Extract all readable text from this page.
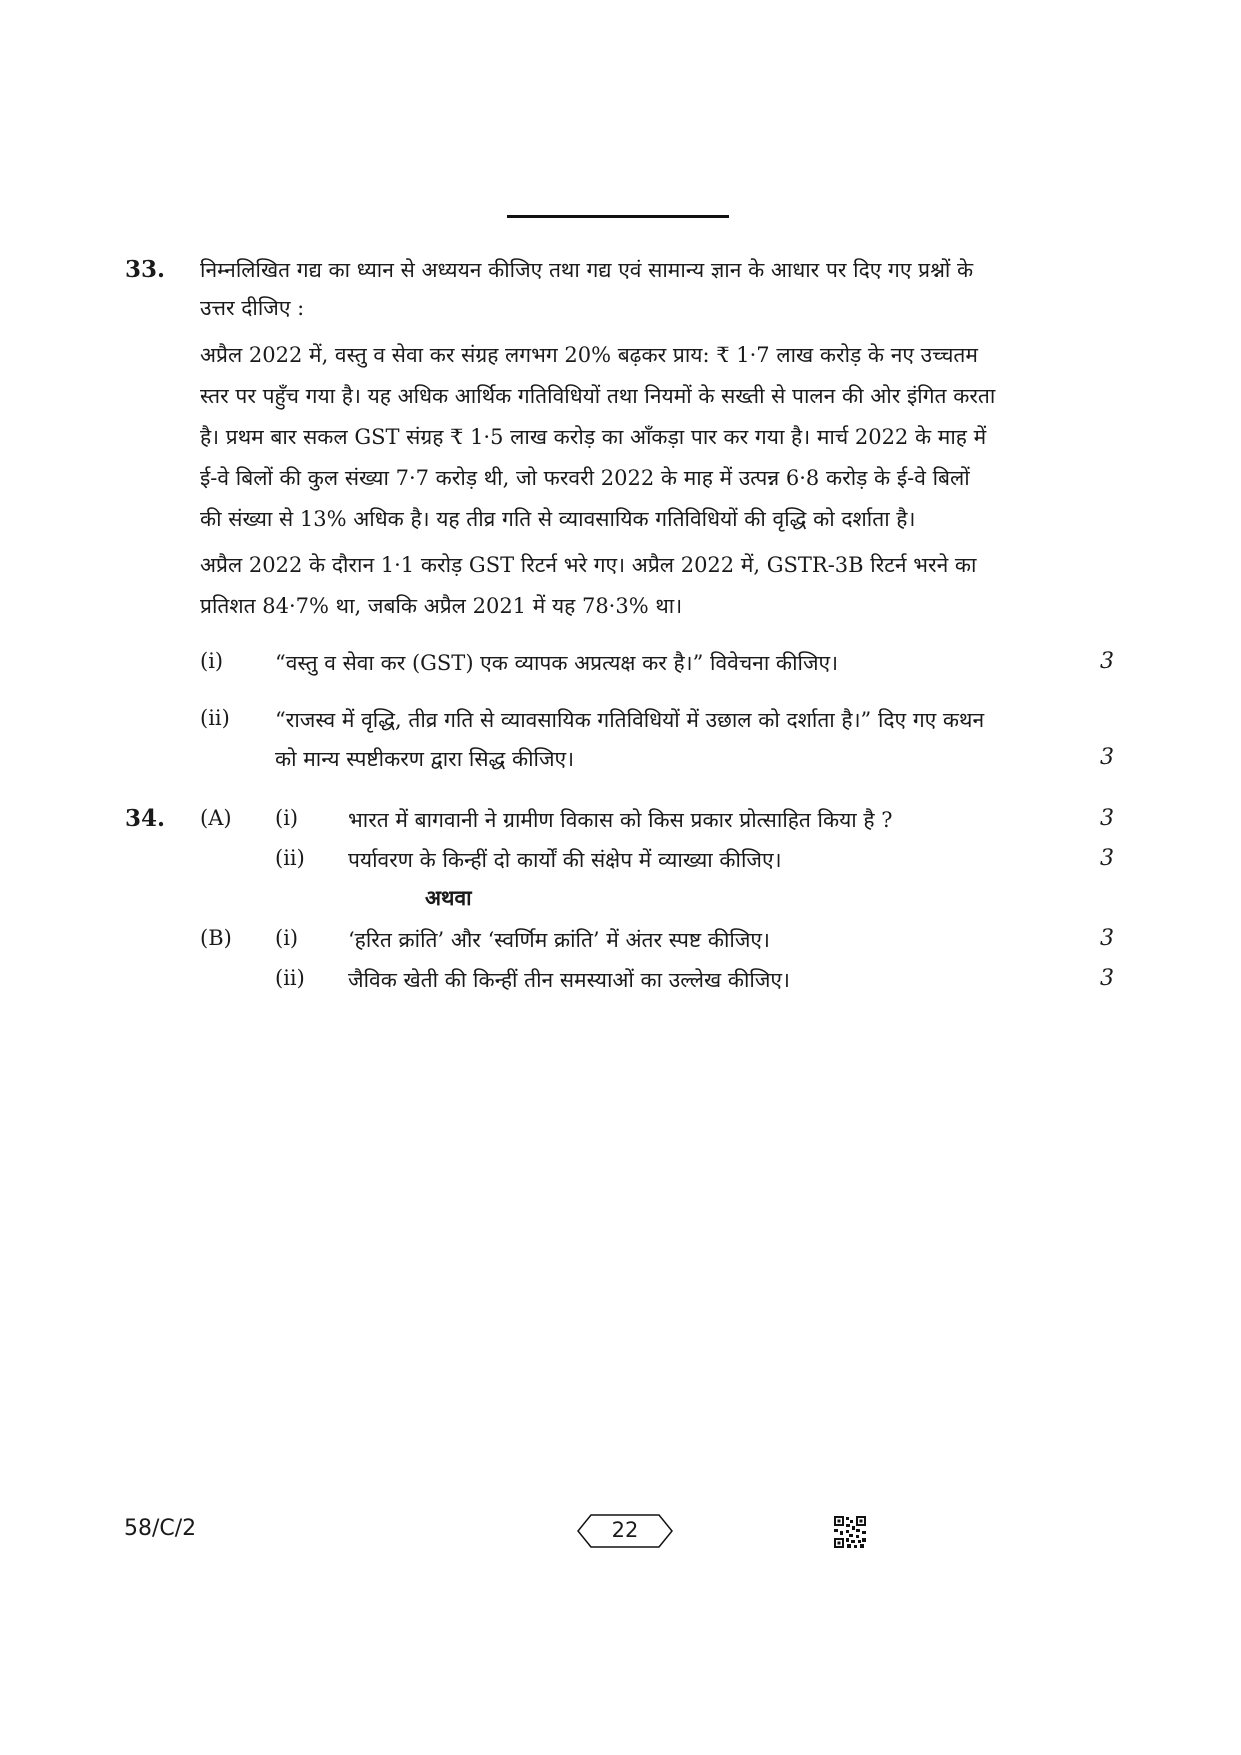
33. निम्नलिखित गद्य का ध्यान से अध्ययन कीजिए तथा गद्य एवं सामान्य ज्ञान के आधार पर दिए गए प्रश्नों के
उत्तर दीजिए :
अप्रैल 2022 में, वस्तु व सेवा कर संग्रह लगभग 20% बढ़कर प्राय: ₹ 1·7 लाख करोड़ के नए उच्चतम
स्तर पर पहुँच गया है। यह अधिक आर्थिक गतिविधियों तथा नियमों के सख्ती से पालन की ओर इंगित करता
है। प्रथम बार सकल GST संग्रह ₹ 1·5 लाख करोड़ का आँकड़ा पार कर गया है। मार्च 2022 के माह में
ई-वे बिलों की कुल संख्या 7·7 करोड़ थी, जो फरवरी 2022 के माह में उत्पन्न 6·8 करोड़ के ई-वे बिलों
की संख्या से 13% अधिक है। यह तीव्र गति से व्यावसायिक गतिविधियों की वृद्धि को दर्शाता है।
अप्रैल 2022 के दौरान 1·1 करोड़ GST रिटर्न भरे गए। अप्रैल 2022 में, GSTR-3B रिटर्न भरने का
प्रतिशत 84·7% था, जबकि अप्रैल 2021 में यह 78·3% था।
(i) “वस्तु व सेवा कर (GST) एक व्यापक अप्रत्यक्ष कर है।” विवेचना कीजिए।	3
(ii) “राजस्व में वृद्धि, तीव्र गति से व्यावसायिक गतिविधियों में उछाल को दर्शाता है।” दिए गए कथन
को मान्य स्पष्टीकरण द्वारा सिद्ध कीजिए।	3
34. (A) (i) भारत में बागवानी ने ग्रामीण विकास को किस प्रकार प्रोत्साहित किया है ?	3
(ii) पर्यावरण के किन्हीं दो कार्यों की संक्षेप में व्याख्या कीजिए।	3
अथवा
(B) (i) ‘हरित क्रांति’ और ‘स्वर्णिम क्रांति’ में अंतर स्पष्ट कीजिए।	3
(ii) जैविक खेती की किन्हीं तीन समस्याओं का उल्लेख कीजिए।	3
58/C/2	22
